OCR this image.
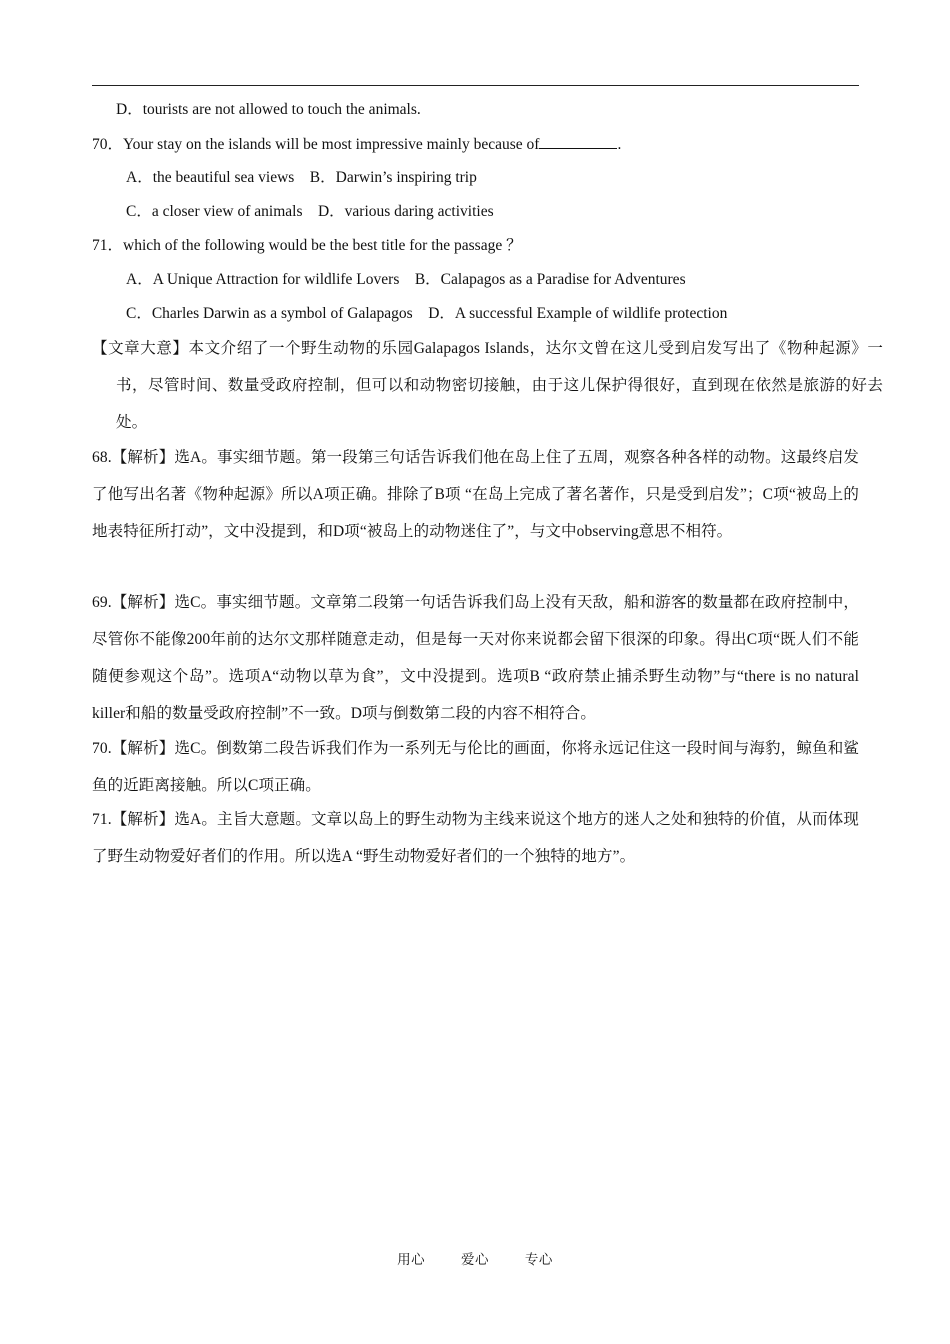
D．tourists are not allowed to touch the animals.
70．Your stay on the islands will be most impressive mainly because of	.
A．the beautiful sea views    B．Darwin’s inspiring trip
C．a closer view of animals    D．various daring activities
71．which of the following would be the best title for the passage ？
A．A Unique Attraction for wildlife Lovers    B．Calapagos as a Paradise for Adventures
C．Charles Darwin as a symbol of Galapagos    D．A successful Example of wildlife protection
【文章大意】本文介绍了一个野生动物的乐园Galapagos Islands，达尔文曾在这儿受到启发写出了《物种起源》一书，尽管时间、数量受政府控制，但可以和动物密切接触，由于这儿保护得很好，直到现在依然是旅游的好去处。
68.【解析】选A。事实细节题。第一段第三句话告诉我们他在岛上住了五周，观察各种各样的动物。这最终启发了他写出名著《物种起源》所以A项正确。排除了B项 “在岛上完成了著名著作，只是受到启发”；C项“被岛上的地表特征所打动”，文中没提到，和D项“被岛上的动物迷住了”，与文中observing意思不相符。
69.【解析】选C。事实细节题。文章第二段第一句话告诉我们岛上没有天敌，船和游客的数量都在政府控制中，尽管你不能像200年前的达尔文那样随意走动，但是每一天对你来说都会留下很深的印象。得出C项“既人们不能随便参观这个岛”。选项A“动物以草为食”，文中没提到。选项B “政府禁止捕杀野生动物”与“there is no natural killer和船的数量受政府控制”不一致。D项与倒数第二段的内容不相符合。
70.【解析】选C。倒数第二段告诉我们作为一系列无与伦比的画面，你将永远记住这一段时间与海豹，鲸鱼和鲨鱼的近距离接触。所以C项正确。
71.【解析】选A。主旨大意题。文章以岛上的野生动物为主线来说这个地方的迷人之处和独特的价值，从而体现了野生动物爱好者们的作用。所以选A “野生动物爱好者们的一个独特的地方”。
用心	爱心	专心
